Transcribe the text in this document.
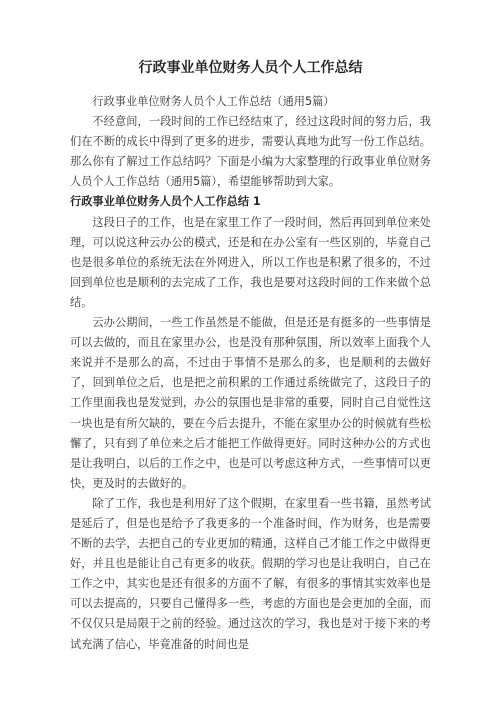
行政事业单位财务人员个人工作总结

行政事业单位财务人员个人工作总结（通用5篇）

不经意间，一段时间的工作已经结束了，经过这段时间的努力后，我们在不断的成长中得到了更多的进步，需要认真地为此写一份工作总结。那么你有了解过工作总结吗？下面是小编为大家整理的行政事业单位财务人员个人工作总结（通用5篇），希望能够帮助到大家。

行政事业单位财务人员个人工作总结 1

这段日子的工作，也是在家里工作了一段时间，然后再回到单位来处理，可以说这种云办公的模式，还是和在办公室有一些区别的，毕竟自己也是很多单位的系统无法在外网进入，所以工作也是积累了很多的，不过回到单位也是顺利的去完成了工作，我也是要对这段时间的工作来做个总结。

云办公期间，一些工作虽然是不能做，但是还是有挺多的一些事情是可以去做的，而且在家里办公，也是没有那种氛围，所以效率上面我个人来说并不是那么的高，不过由于事情不是那么的多，也是顺利的去做好了，回到单位之后，也是把之前积累的工作通过系统做完了，这段日子的工作里面我也是发觉到，办公的氛围也是非常的重要，同时自己自觉性这一块也是有所欠缺的，要在今后去提升，不能在家里办公的时候就有些松懈了，只有到了单位来之后才能把工作做得更好。同时这种办公的方式也是让我明白，以后的工作之中，也是可以考虑这种方式，一些事情可以更快，更及时的去做好的。

除了工作，我也是利用好了这个假期，在家里看一些书籍，虽然考试是延后了，但是也是给予了我更多的一个准备时间，作为财务，也是需要不断的去学，去把自己的专业更加的精通，这样自己才能工作之中做得更好，并且也是能让自己有更多的收获。假期的学习也是让我明白，自己在工作之中，其实也是还有很多的方面不了解，有很多的事情其实效率也是可以去提高的，只要自己懂得多一些，考虑的方面也是会更加的全面，而不仅仅只是局限于之前的经验。通过这次的学习，我也是对于接下来的考试充满了信心，毕竟准备的时间也是
